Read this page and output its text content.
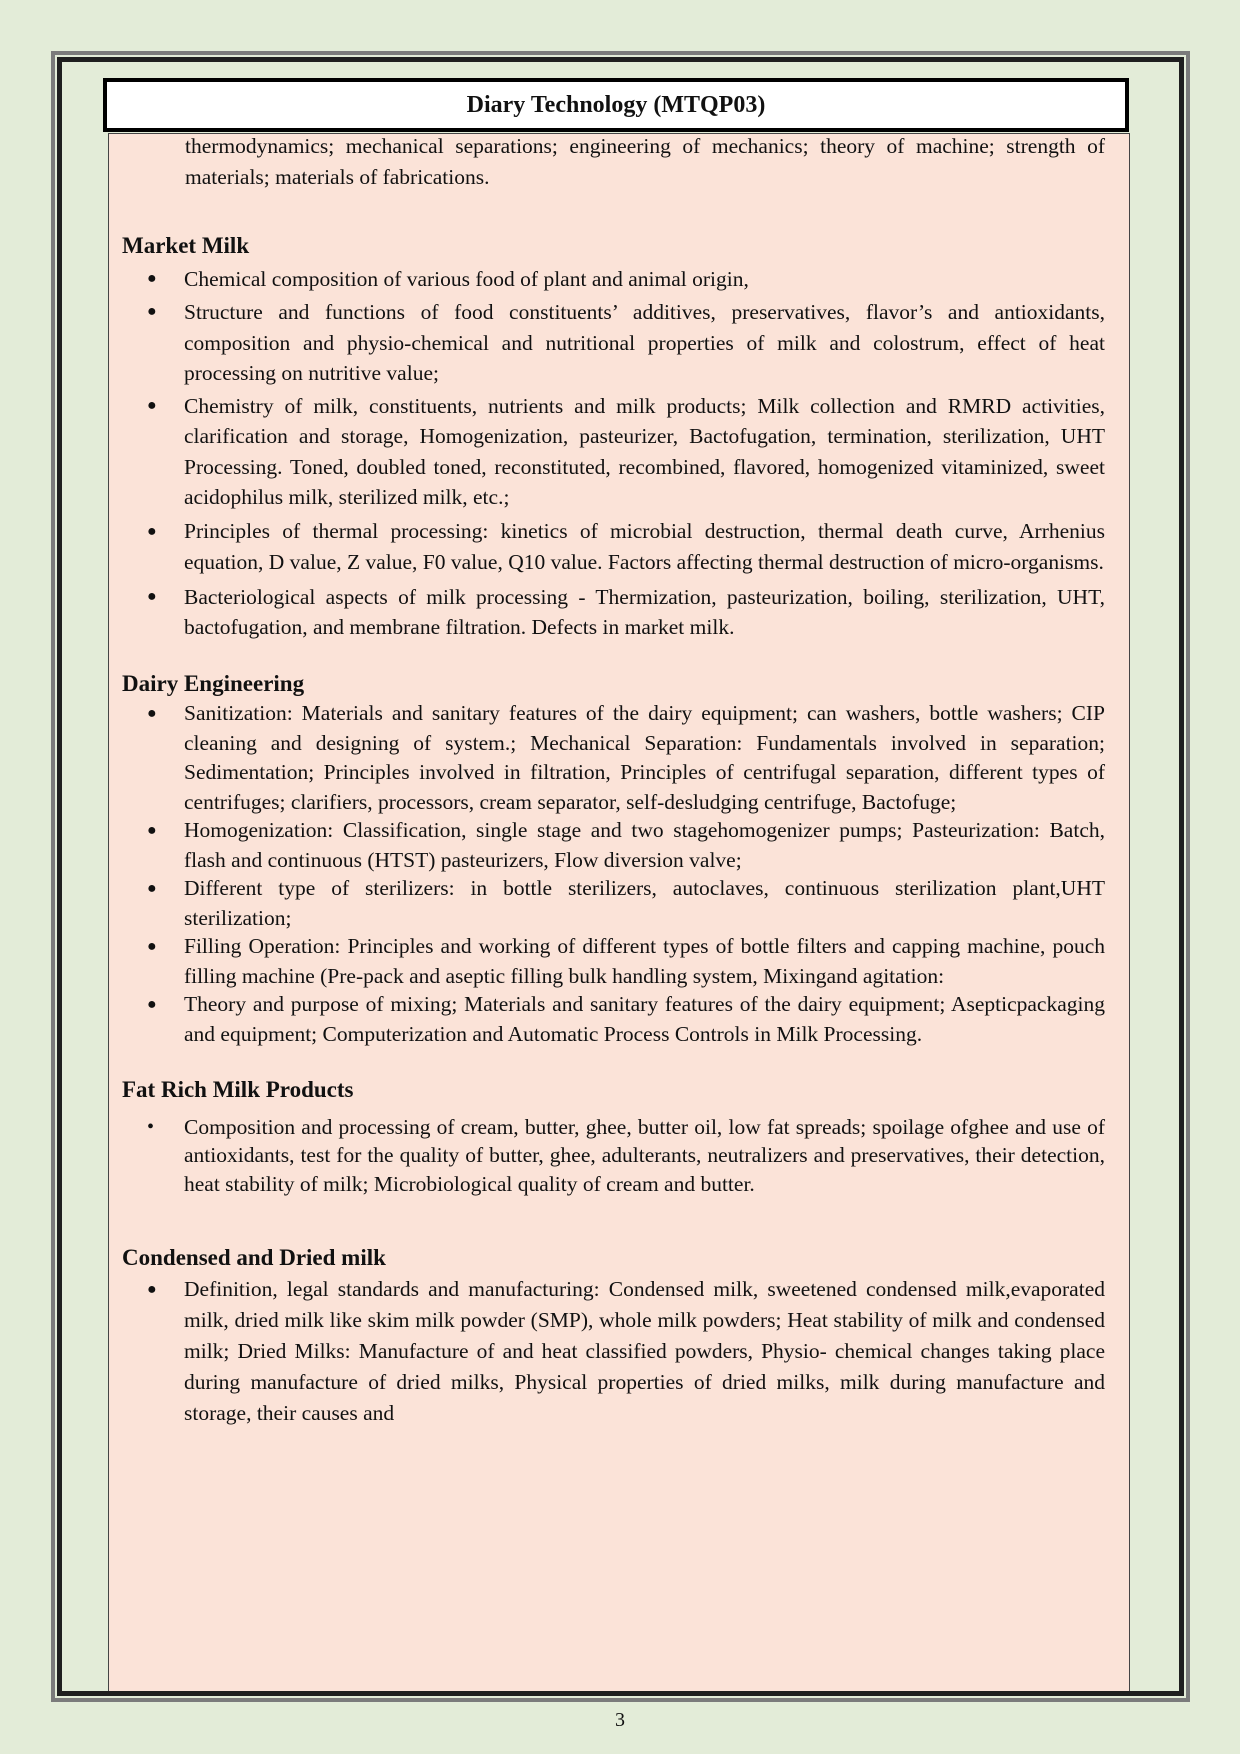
Diary Technology (MTQP03)

thermodynamics; mechanical separations; engineering of mechanics; theory of machine; strength of materials; materials of fabrications.

Market Milk
● Chemical composition of various food of plant and animal origin,
● Structure and functions of food constituents’ additives, preservatives, flavor’s and antioxidants, composition and physio-chemical and nutritional properties of milk and colostrum, effect of heat processing on nutritive value;
● Chemistry of milk, constituents, nutrients and milk products; Milk collection and RMRD activities, clarification and storage, Homogenization, pasteurizer, Bactofugation, termination, sterilization, UHT Processing. Toned, doubled toned, reconstituted, recombined, flavored, homogenized vitaminized, sweet acidophilus milk, sterilized milk, etc.;
● Principles of thermal processing: kinetics of microbial destruction, thermal death curve, Arrhenius equation, D value, Z value, F0 value, Q10 value. Factors affecting thermal destruction of micro-organisms.
● Bacteriological aspects of milk processing - Thermization, pasteurization, boiling, sterilization, UHT, bactofugation, and membrane filtration. Defects in market milk.
Dairy Engineering
● Sanitization: Materials and sanitary features of the dairy equipment; can washers, bottle washers; CIP cleaning and designing of system.; Mechanical Separation: Fundamentals involved in separation; Sedimentation; Principles involved in filtration, Principles of centrifugal separation, different types of centrifuges; clarifiers, processors, cream separator, self-desludging centrifuge, Bactofuge;
● Homogenization: Classification, single stage and two stagehomogenizer pumps; Pasteurization: Batch, flash and continuous (HTST) pasteurizers, Flow diversion valve;
● Different type of sterilizers: in bottle sterilizers, autoclaves, continuous sterilization plant,UHT sterilization;
● Filling Operation: Principles and working of different types of bottle filters and capping machine, pouch filling machine (Pre-pack and aseptic filling bulk handling system, Mixingand agitation:
● Theory and purpose of mixing; Materials and sanitary features of the dairy equipment; Asepticpackaging and equipment; Computerization and Automatic Process Controls in Milk Processing.
Fat Rich Milk Products
• Composition and processing of cream, butter, ghee, butter oil, low fat spreads; spoilage ofghee and use of antioxidants, test for the quality of butter, ghee, adulterants, neutralizers and preservatives, their detection, heat stability of milk; Microbiological quality of cream and butter.
Condensed and Dried milk
● Definition, legal standards and manufacturing: Condensed milk, sweetened condensed milk,evaporated milk, dried milk like skim milk powder (SMP), whole milk powders; Heat stability of milk and condensed milk; Dried Milks: Manufacture of and heat classified powders, Physio- chemical changes taking place during manufacture of dried milks, Physical properties of dried milks, milk during manufacture and storage, their causes and
3
